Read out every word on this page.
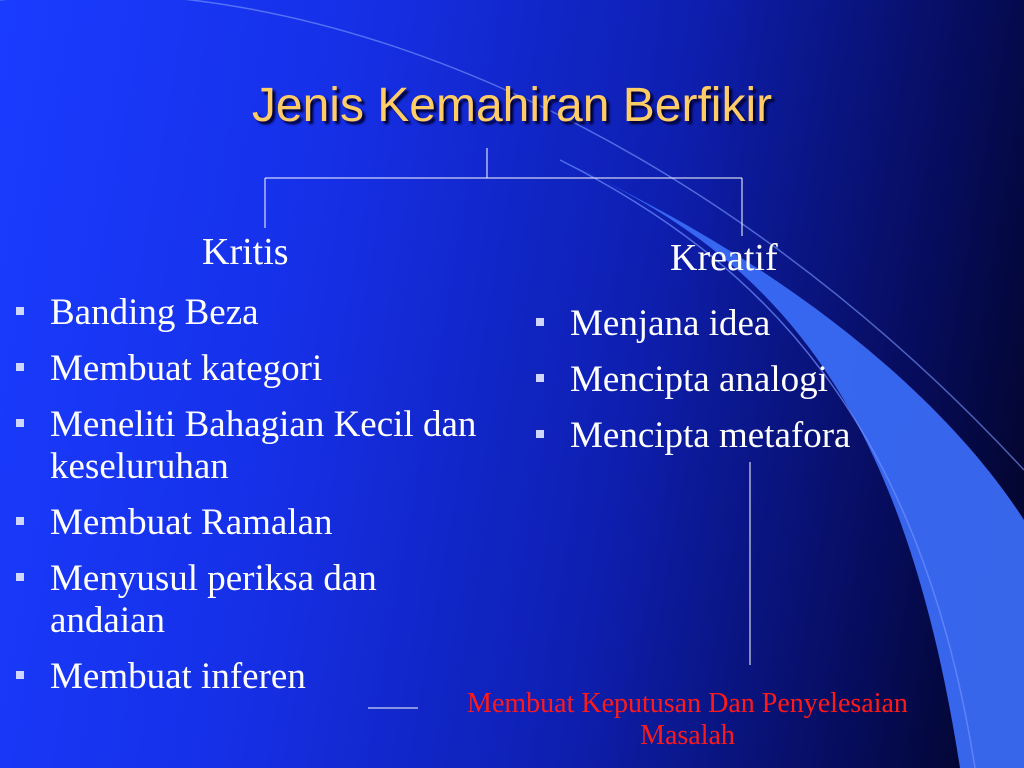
Jenis Kemahiran Berfikir
Kritis	Kreatif
Banding Beza
Membuat kategori
Meneliti Bahagian Kecil dan keseluruhan
Membuat Ramalan
Menyusul periksa dan andaian
Membuat inferen
Menjana idea
Mencipta analogi
Mencipta metafora
Membuat Keputusan Dan Penyelesaian
Masalah
